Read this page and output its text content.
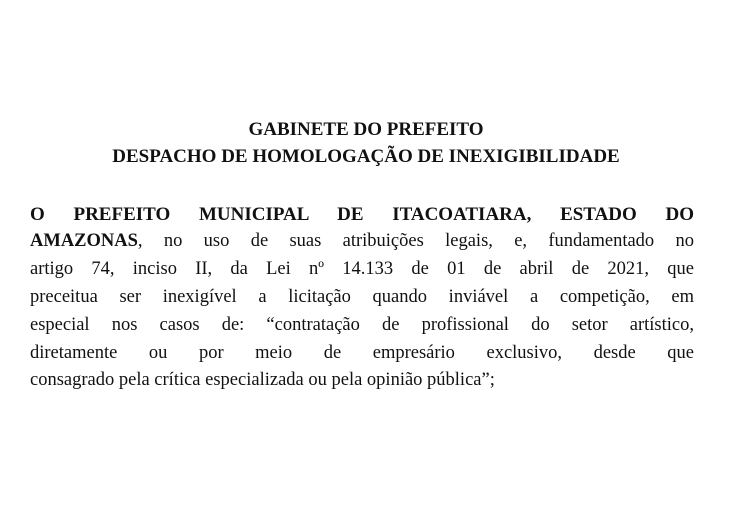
GABINETE DO PREFEITO
DESPACHO DE HOMOLOGAÇÃO DE INEXIGIBILIDADE
O PREFEITO MUNICIPAL DE ITACOATIARA, ESTADO DO
AMAZONAS, no uso de suas atribuições legais, e, fundamentado no
artigo 74, inciso II, da Lei nº 14.133 de 01 de abril de 2021, que
preceitua ser inexigível a licitação quando inviável a competição, em
especial nos casos de: “contratação de profissional do setor artístico,
diretamente ou por meio de empresário exclusivo, desde que
consagrado pela crítica especializada ou pela opinião pública”;
